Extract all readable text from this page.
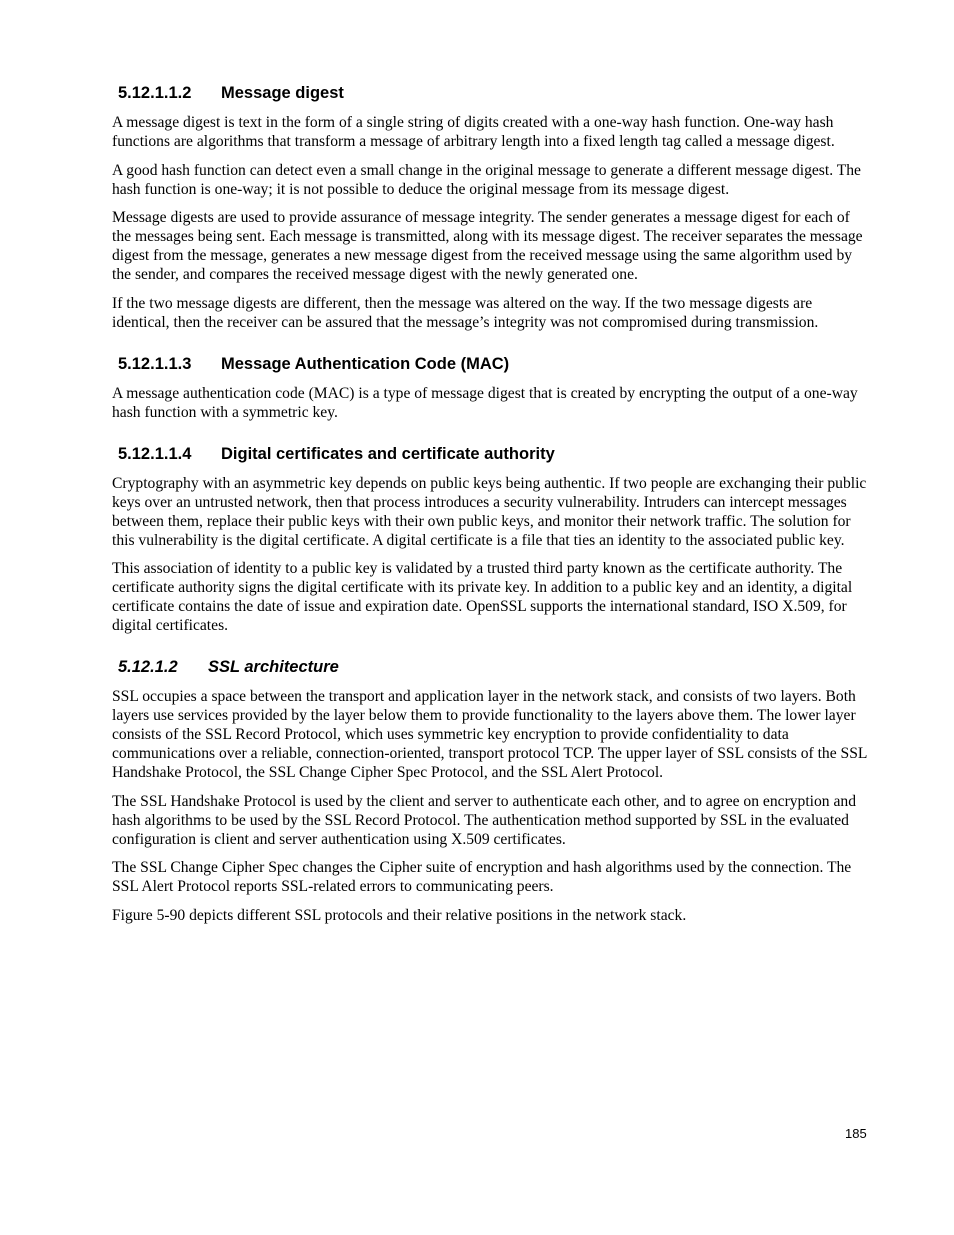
5.12.1.1.2 Message digest

A message digest is text in the form of a single string of digits created with a one-way hash function. One-way hash functions are algorithms that transform a message of arbitrary length into a fixed length tag called a message digest.

A good hash function can detect even a small change in the original message to generate a different message digest. The hash function is one-way; it is not possible to deduce the original message from its message digest.

Message digests are used to provide assurance of message integrity. The sender generates a message digest for each of the messages being sent. Each message is transmitted, along with its message digest. The receiver separates the message digest from the message, generates a new message digest from the received message using the same algorithm used by the sender, and compares the received message digest with the newly generated one.

If the two message digests are different, then the message was altered on the way. If the two message digests are identical, then the receiver can be assured that the message’s integrity was not compromised during transmission.

5.12.1.1.3 Message Authentication Code (MAC)

A message authentication code (MAC) is a type of message digest that is created by encrypting the output of a one-way hash function with a symmetric key.

5.12.1.1.4 Digital certificates and certificate authority

Cryptography with an asymmetric key depends on public keys being authentic. If two people are exchanging their public keys over an untrusted network, then that process introduces a security vulnerability. Intruders can intercept messages between them, replace their public keys with their own public keys, and monitor their network traffic. The solution for this vulnerability is the digital certificate. A digital certificate is a file that ties an identity to the associated public key.

This association of identity to a public key is validated by a trusted third party known as the certificate authority. The certificate authority signs the digital certificate with its private key. In addition to a public key and an identity, a digital certificate contains the date of issue and expiration date. OpenSSL supports the international standard, ISO X.509, for digital certificates.

5.12.1.2 SSL architecture

SSL occupies a space between the transport and application layer in the network stack, and consists of two layers. Both layers use services provided by the layer below them to provide functionality to the layers above them. The lower layer consists of the SSL Record Protocol, which uses symmetric key encryption to provide confidentiality to data communications over a reliable, connection-oriented, transport protocol TCP. The upper layer of SSL consists of the SSL Handshake Protocol, the SSL Change Cipher Spec Protocol, and the SSL Alert Protocol.

The SSL Handshake Protocol is used by the client and server to authenticate each other, and to agree on encryption and hash algorithms to be used by the SSL Record Protocol. The authentication method supported by SSL in the evaluated configuration is client and server authentication using X.509 certificates.

The SSL Change Cipher Spec changes the Cipher suite of encryption and hash algorithms used by the connection. The SSL Alert Protocol reports SSL-related errors to communicating peers.

Figure 5-90 depicts different SSL protocols and their relative positions in the network stack.

185
